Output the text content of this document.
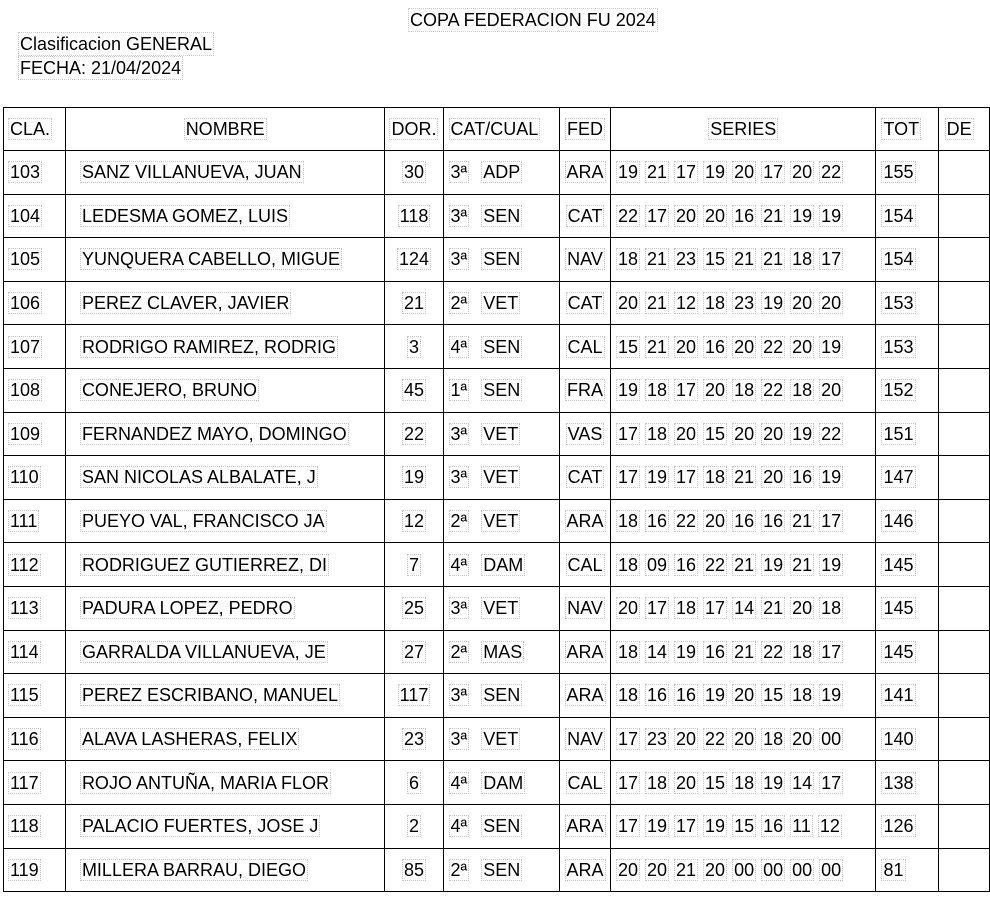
COPA FEDERACION FU 2024
Clasificacion GENERAL
FECHA: 21/04/2024
CLA.	NOMBRE	DOR.	CAT/CUAL	FED	SERIES	TOT	DE
103	SANZ VILLANUEVA, JUAN	30	3ª ADP	ARA	19 21 17 19 20 17 20 22	155	
104	LEDESMA GOMEZ, LUIS	118	3ª SEN	CAT	22 17 20 20 16 21 19 19	154	
105	YUNQUERA CABELLO, MIGUE	124	3ª SEN	NAV	18 21 23 15 21 21 18 17	154	
106	PEREZ CLAVER, JAVIER	21	2ª VET	CAT	20 21 12 18 23 19 20 20	153	
107	RODRIGO RAMIREZ, RODRIG	3	4ª SEN	CAL	15 21 20 16 20 22 20 19	153	
108	CONEJERO, BRUNO	45	1ª SEN	FRA	19 18 17 20 18 22 18 20	152	
109	FERNANDEZ MAYO, DOMINGO	22	3ª VET	VAS	17 18 20 15 20 20 19 22	151	
110	SAN NICOLAS ALBALATE, J	19	3ª VET	CAT	17 19 17 18 21 20 16 19	147	
111	PUEYO VAL, FRANCISCO JA	12	2ª VET	ARA	18 16 22 20 16 16 21 17	146	
112	RODRIGUEZ GUTIERREZ, DI	7	4ª DAM	CAL	18 09 16 22 21 19 21 19	145	
113	PADURA LOPEZ, PEDRO	25	3ª VET	NAV	20 17 18 17 14 21 20 18	145	
114	GARRALDA VILLANUEVA, JE	27	2ª MAS	ARA	18 14 19 16 21 22 18 17	145	
115	PEREZ ESCRIBANO, MANUEL	117	3ª SEN	ARA	18 16 16 19 20 15 18 19	141	
116	ALAVA LASHERAS, FELIX	23	3ª VET	NAV	17 23 20 22 20 18 20 00	140	
117	ROJO ANTUÑA, MARIA FLOR	6	4ª DAM	CAL	17 18 20 15 18 19 14 17	138	
118	PALACIO FUERTES, JOSE J	2	4ª SEN	ARA	17 19 17 19 15 16 11 12	126	
119	MILLERA BARRAU, DIEGO	85	2ª SEN	ARA	20 20 21 20 00 00 00 00	81	
